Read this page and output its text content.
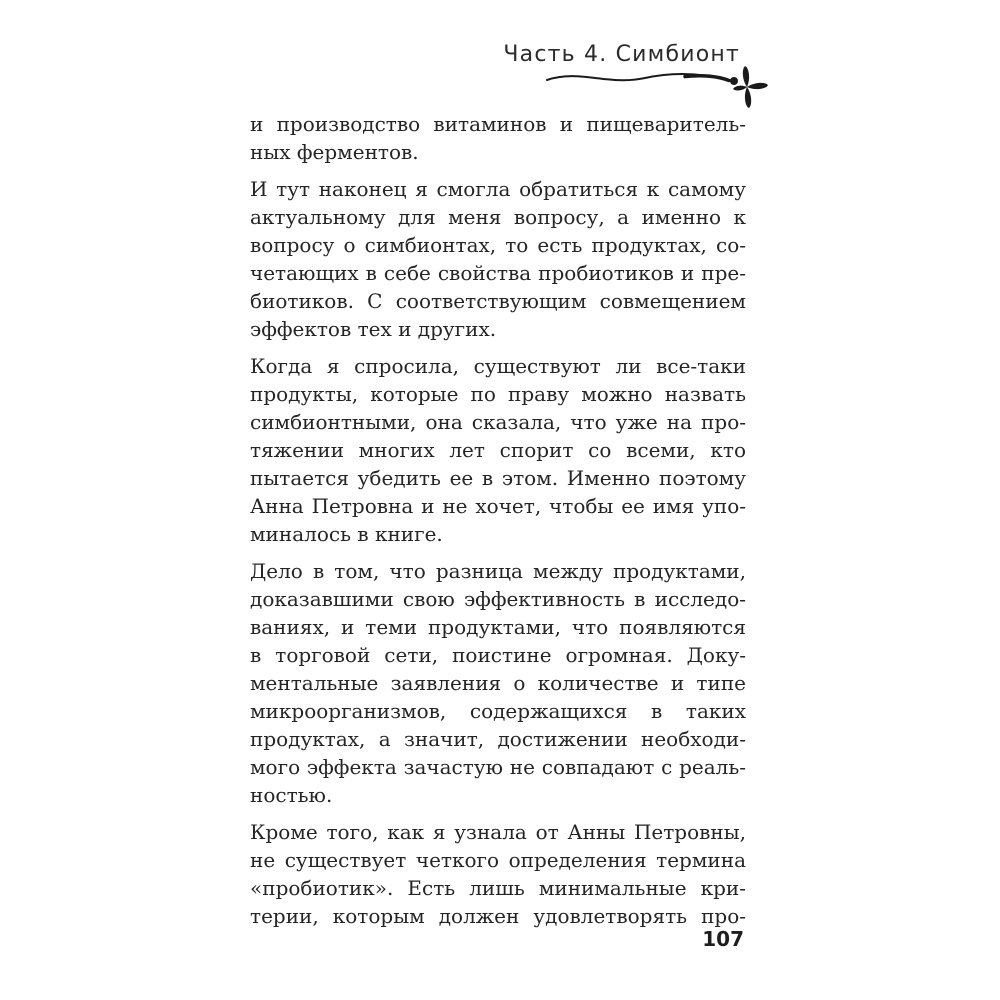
Часть 4. Симбионт
и производство витаминов и пищеваритель-
ных ферментов.
И тут наконец я смогла обратиться к самому
актуальному для меня вопросу, а именно к
вопросу о симбионтах, то есть продуктах, со-
четающих в себе свойства пробиотиков и пре-
биотиков. С соответствующим совмещением
эффектов тех и других.
Когда я спросила, существуют ли все-таки
продукты, которые по праву можно назвать
симбионтными, она сказала, что уже на про-
тяжении многих лет спорит со всеми, кто
пытается убедить ее в этом. Именно поэтому
Анна Петровна и не хочет, чтобы ее имя упо-
миналось в книге.
Дело в том, что разница между продуктами,
доказавшими свою эффективность в исследо-
ваниях, и теми продуктами, что появляются
в торговой сети, поистине огромная. Доку-
ментальные заявления о количестве и типе
микроорганизмов, содержащихся в таких
продуктах, а значит, достижении необходи-
мого эффекта зачастую не совпадают с реаль-
ностью.
Кроме того, как я узнала от Анны Петровны,
не существует четкого определения термина
«пробиотик». Есть лишь минимальные кри-
терии, которым должен удовлетворять про-
107
